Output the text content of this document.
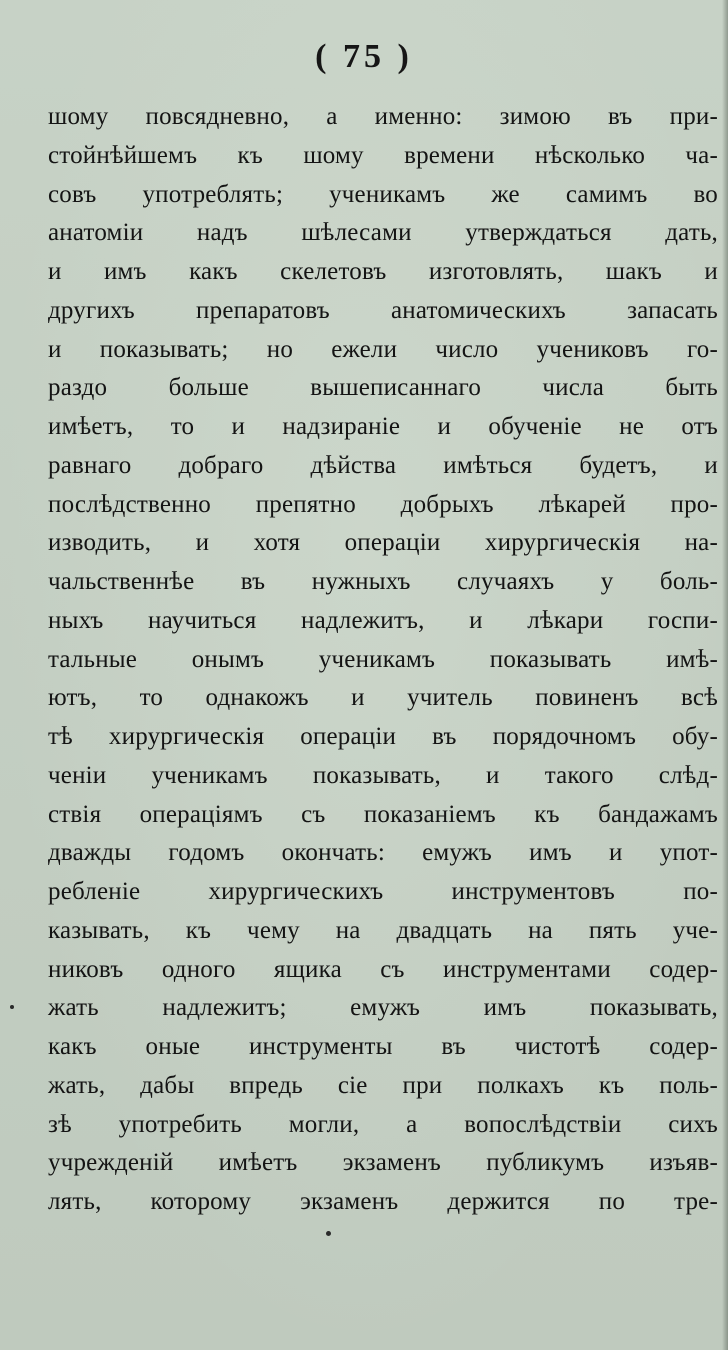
( 75 )
шому повсядневно, а именно: зимою въ при-
стойнѣйшемъ къ шому времени нѣсколько ча-
совъ употреблять; ученикамъ же самимъ во
анатоміи надъ шѣлесами утверждаться дать,
и имъ какъ скелетовъ изготовлять, шакъ и
другихъ препаратовъ анатомическихъ запасать
и показывать; но ежели число учениковъ го-
раздо больше вышеписаннаго числа быть
имѣетъ, то и надзираніе и обученіе не отъ
равнаго добраго дѣйства имѣться будетъ, и
послѣдственно препятно добрыхъ лѣкарей про-
изводить, и хотя операціи хирургическія на-
чальственнѣе въ нужныхъ случаяхъ у боль-
ныхъ научиться надлежитъ, и лѣкари госпи-
тальные онымъ ученикамъ показывать имѣ-
ютъ, то однакожъ и учитель повиненъ всѣ
тѣ хирургическія операціи въ порядочномъ обу-
ченіи ученикамъ показывать, и такого слѣд-
ствія операціямъ съ показаніемъ къ бандажамъ
дважды годомъ окончать: емужъ имъ и упот-
ребленіе хирургическихъ инструментовъ по-
казывать, къ чему на двадцать на пять уче-
никовъ одного ящика съ инструментами содер-
жать надлежитъ; емужъ имъ показывать,
какъ оные инструменты въ чистотѣ содер-
жать, дабы впредь сіе при полкахъ къ поль-
зѣ употребить могли, а вопослѣдствіи сихъ
учрежденій имѣетъ экзаменъ публикумъ изъяв-
лять, которому экзаменъ держится по тре-
